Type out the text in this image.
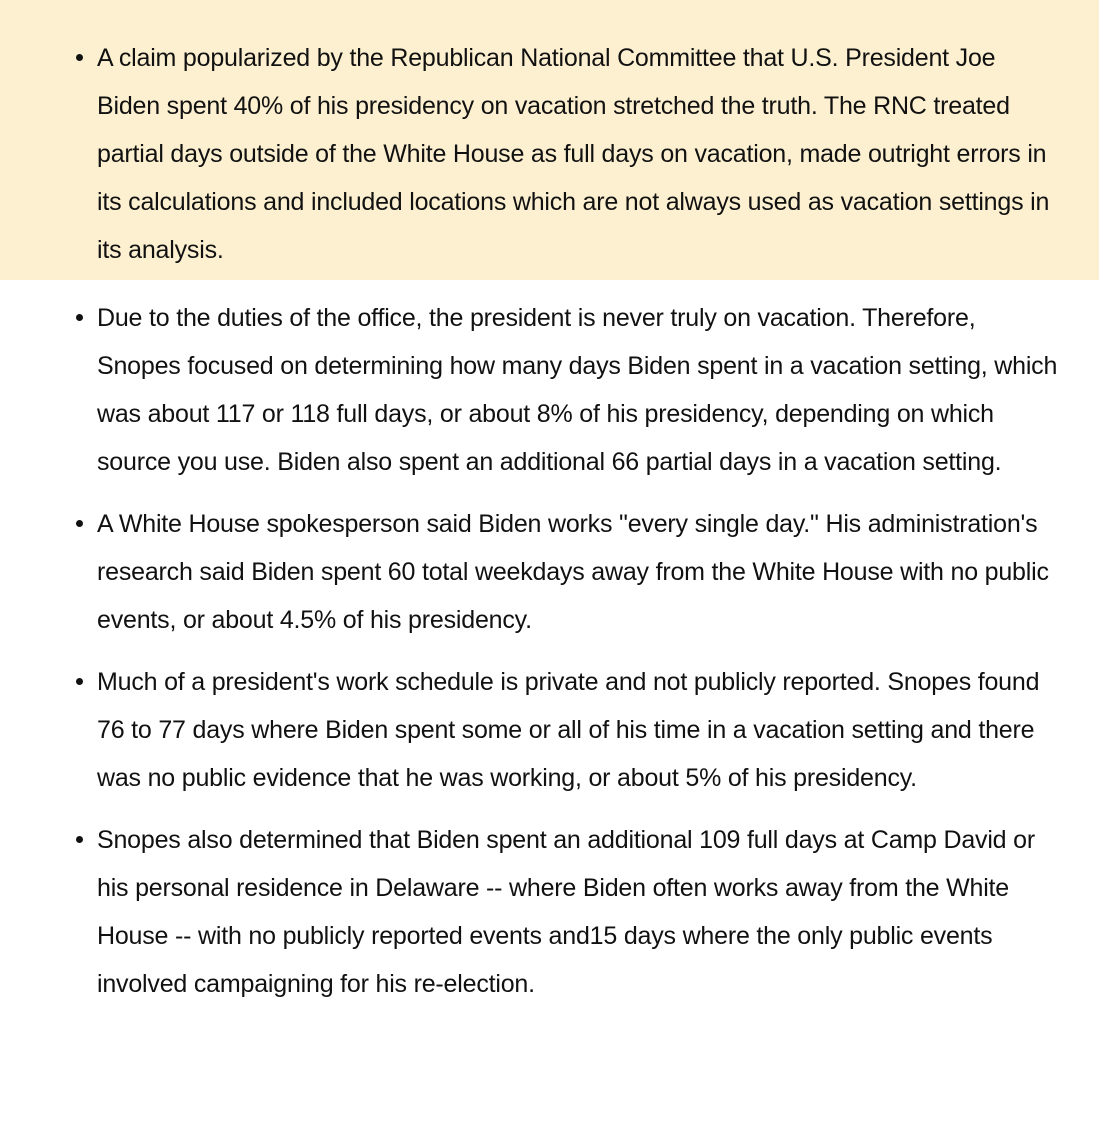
A claim popularized by the Republican National Committee that U.S. President Joe Biden spent 40% of his presidency on vacation stretched the truth. The RNC treated partial days outside of the White House as full days on vacation, made outright errors in its calculations and included locations which are not always used as vacation settings in its analysis.
Due to the duties of the office, the president is never truly on vacation. Therefore, Snopes focused on determining how many days Biden spent in a vacation setting, which was about 117 or 118 full days, or about 8% of his presidency, depending on which source you use. Biden also spent an additional 66 partial days in a vacation setting.
A White House spokesperson said Biden works "every single day." His administration's research said Biden spent 60 total weekdays away from the White House with no public events, or about 4.5% of his presidency.
Much of a president's work schedule is private and not publicly reported. Snopes found 76 to 77 days where Biden spent some or all of his time in a vacation setting and there was no public evidence that he was working, or about 5% of his presidency.
Snopes also determined that Biden spent an additional 109 full days at Camp David or his personal residence in Delaware -- where Biden often works away from the White House -- with no publicly reported events and15 days where the only public events involved campaigning for his re-election.
